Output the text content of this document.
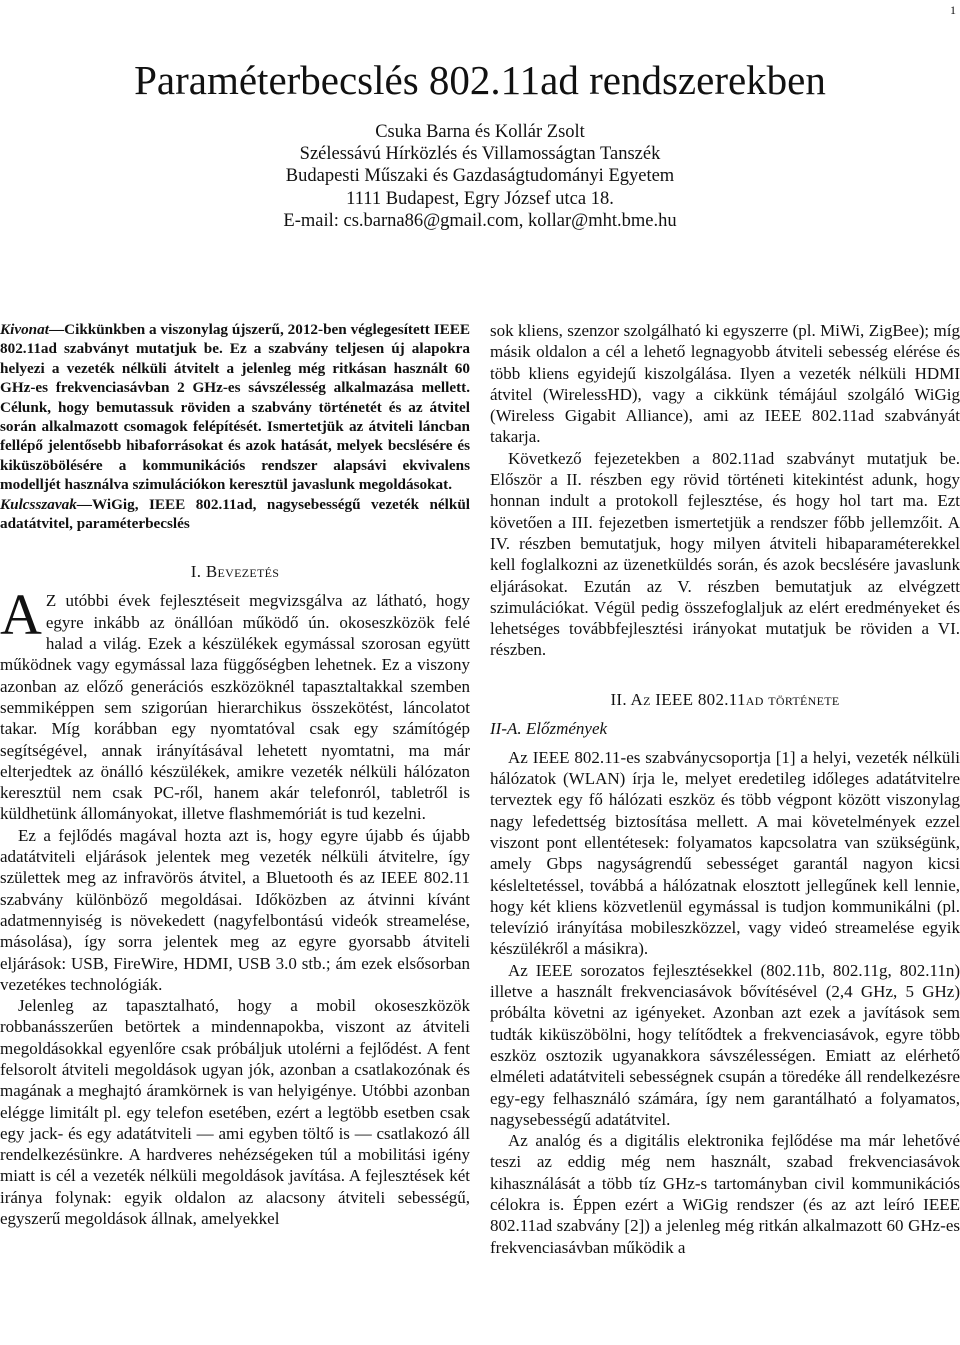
1
Paraméterbecslés 802.11ad rendszerekben
Csuka Barna és Kollár Zsolt
Szélessávú Hírközlés és Villamosságtan Tanszék
Budapesti Műszaki és Gazdaságtudományi Egyetem
1111 Budapest, Egry József utca 18.
E-mail: cs.barna86@gmail.com, kollar@mht.bme.hu

Kivonat—Cikkünkben a viszonylag újszerű, 2012-ben véglegesített IEEE 802.11ad szabványt mutatjuk be. Ez a szabvány teljesen új alapokra helyezi a vezeték nélküli átvitelt a jelenleg még ritkásan használt 60 GHz-es frekvenciasávban 2 GHz-es sávszélesség alkalmazása mellett. Célunk, hogy bemutassuk röviden a szabvány történetét és az átvitel során alkalmazott csomagok felépítését. Ismertetjük az átviteli láncban fellépő jelentősebb hibaforrásokat és azok hatását, melyek becslésére és kiküszöbölésére a kommunikációs rendszer alapsávi ekvivalens modelljét használva szimulációkon keresztül javaslunk megoldásokat.

Kulcsszavak—WiGig, IEEE 802.11ad, nagysebességű vezeték nélkül adatátvitel, paraméterbecslés

I. Bevezetés

A Z utóbbi évek fejlesztéseit megvizsgálva az látható, hogy egyre inkább az önállóan működő ún. okoseszközök felé halad a világ. Ezek a készülékek egymással szorosan együtt működnek vagy egymással laza függőségben lehetnek. Ez a viszony azonban az előző generációs eszközöknél tapasztaltakkal szemben semmiképpen sem szigorúan hierarchikus összekötést, láncolatot takar. Míg korábban egy nyomtatóval csak egy számítógép segítségével, annak irányításával lehetett nyomtatni, ma már elterjedtek az önálló készülékek, amikre vezeték nélküli hálózaton keresztül nem csak PC-ről, hanem akár telefonról, tabletről is küldhetünk állományokat, illetve flashmemóriát is tud kezelni.

Ez a fejlődés magával hozta azt is, hogy egyre újabb és újabb adatátviteli eljárások jelentek meg vezeték nélküli átvitelre, így születtek meg az infravörös átvitel, a Bluetooth és az IEEE 802.11 szabvány különböző megoldásai. Időközben az átvinni kívánt adatmennyiség is növekedett (nagyfelbontású videók streamelése, másolása), így sorra jelentek meg az egyre gyorsabb átviteli eljárások: USB, FireWire, HDMI, USB 3.0 stb.; ám ezek elsősorban vezetékes technológiák.

Jelenleg az tapasztalható, hogy a mobil okoseszközök robbanásszerűen betörtek a mindennapokba, viszont az átviteli megoldásokkal egyenlőre csak próbáljuk utolérni a fejlődést. A fent felsorolt átviteli megoldások ugyan jók, azonban a csatlakozónak és magának a meghajtó áramkörnek is van helyigénye. Utóbbi azonban elégge limitált pl. egy telefon esetében, ezért a legtöbb esetben csak egy jack- és egy adatátviteli — ami egyben töltő is — csatlakozó áll rendelkezésünkre. A hardveres nehézségeken túl a mobilitási igény miatt is cél a vezeték nélküli megoldások javítása. A fejlesztések két iránya folynak: egyik oldalon az alacsony átviteli sebességű, egyszerű megoldások állnak, amelyekkel

sok kliens, szenzor szolgálható ki egyszerre (pl. MiWi, ZigBee); míg másik oldalon a cél a lehető legnagyobb átviteli sebesség elérése és több kliens egyidejű kiszolgálása. Ilyen a vezeték nélküli HDMI átvitel (WirelessHD), vagy a cikkünk témájául szolgáló WiGig (Wireless Gigabit Alliance), ami az IEEE 802.11ad szabványát takarja.

Következő fejezetekben a 802.11ad szabványt mutatjuk be. Először a II. részben egy rövid történeti kitekintést adunk, hogy honnan indult a protokoll fejlesztése, és hogy hol tart ma. Ezt követően a III. fejezetben ismertetjük a rendszer főbb jellemzőit. A IV. részben bemutatjuk, hogy milyen átviteli hibaparaméterekkel kell foglalkozni az üzenetküldés során, és azok becslésére javaslunk eljárásokat. Ezután az V. részben bemutatjuk az elvégzett szimulációkat. Végül pedig összefoglaljuk az elért eredményeket és lehetséges továbbfejlesztési irányokat mutatjuk be röviden a VI. részben.

II. Az IEEE 802.11ad története
II-A. Előzmények

Az IEEE 802.11-es szabványcsoportja [1] a helyi, vezeték nélküli hálózatok (WLAN) írja le, melyet eredetileg időleges adatátvitelre terveztek egy fő hálózati eszköz és több végpont között viszonylag nagy lefedettség biztosítása mellett. A mai követelmények ezzel viszont pont ellentétesek: folyamatos kapcsolatra van szükségünk, amely Gbps nagyságrendű sebességet garantál nagyon kicsi késleltetéssel, továbbá a hálózatnak elosztott jellegűnek kell lennie, hogy két kliens közvetlenül egymással is tudjon kommunikálni (pl. televízió irányítása mobileszközzel, vagy videó streamelése egyik készülékről a másikra).

Az IEEE sorozatos fejlesztésekkel (802.11b, 802.11g, 802.11n) illetve a használt frekvenciasávok bővítésével (2,4 GHz, 5 GHz) próbálta követni az igényeket. Azonban azt ezek a javítások sem tudták kiküszöbölni, hogy telítődtek a frekvenciasávok, egyre több eszköz osztozik ugyanakkora sávszélességen. Emiatt az elérhető elméleti adatátviteli sebességnek csupán a töredéke áll rendelkezésre egy-egy felhasználó számára, így nem garantálható a folyamatos, nagysebességű adatátvitel.

Az analóg és a digitális elektronika fejlődése ma már lehetővé teszi az eddig még nem használt, szabad frekvenciasávok kihasználását a több tíz GHz-s tartományban civil kommunikációs célokra is. Éppen ezért a WiGig rendszer (és az azt leíró IEEE 802.11ad szabvány [2]) a jelenleg még ritkán alkalmazott 60 GHz-es frekvenciasávban működik a
